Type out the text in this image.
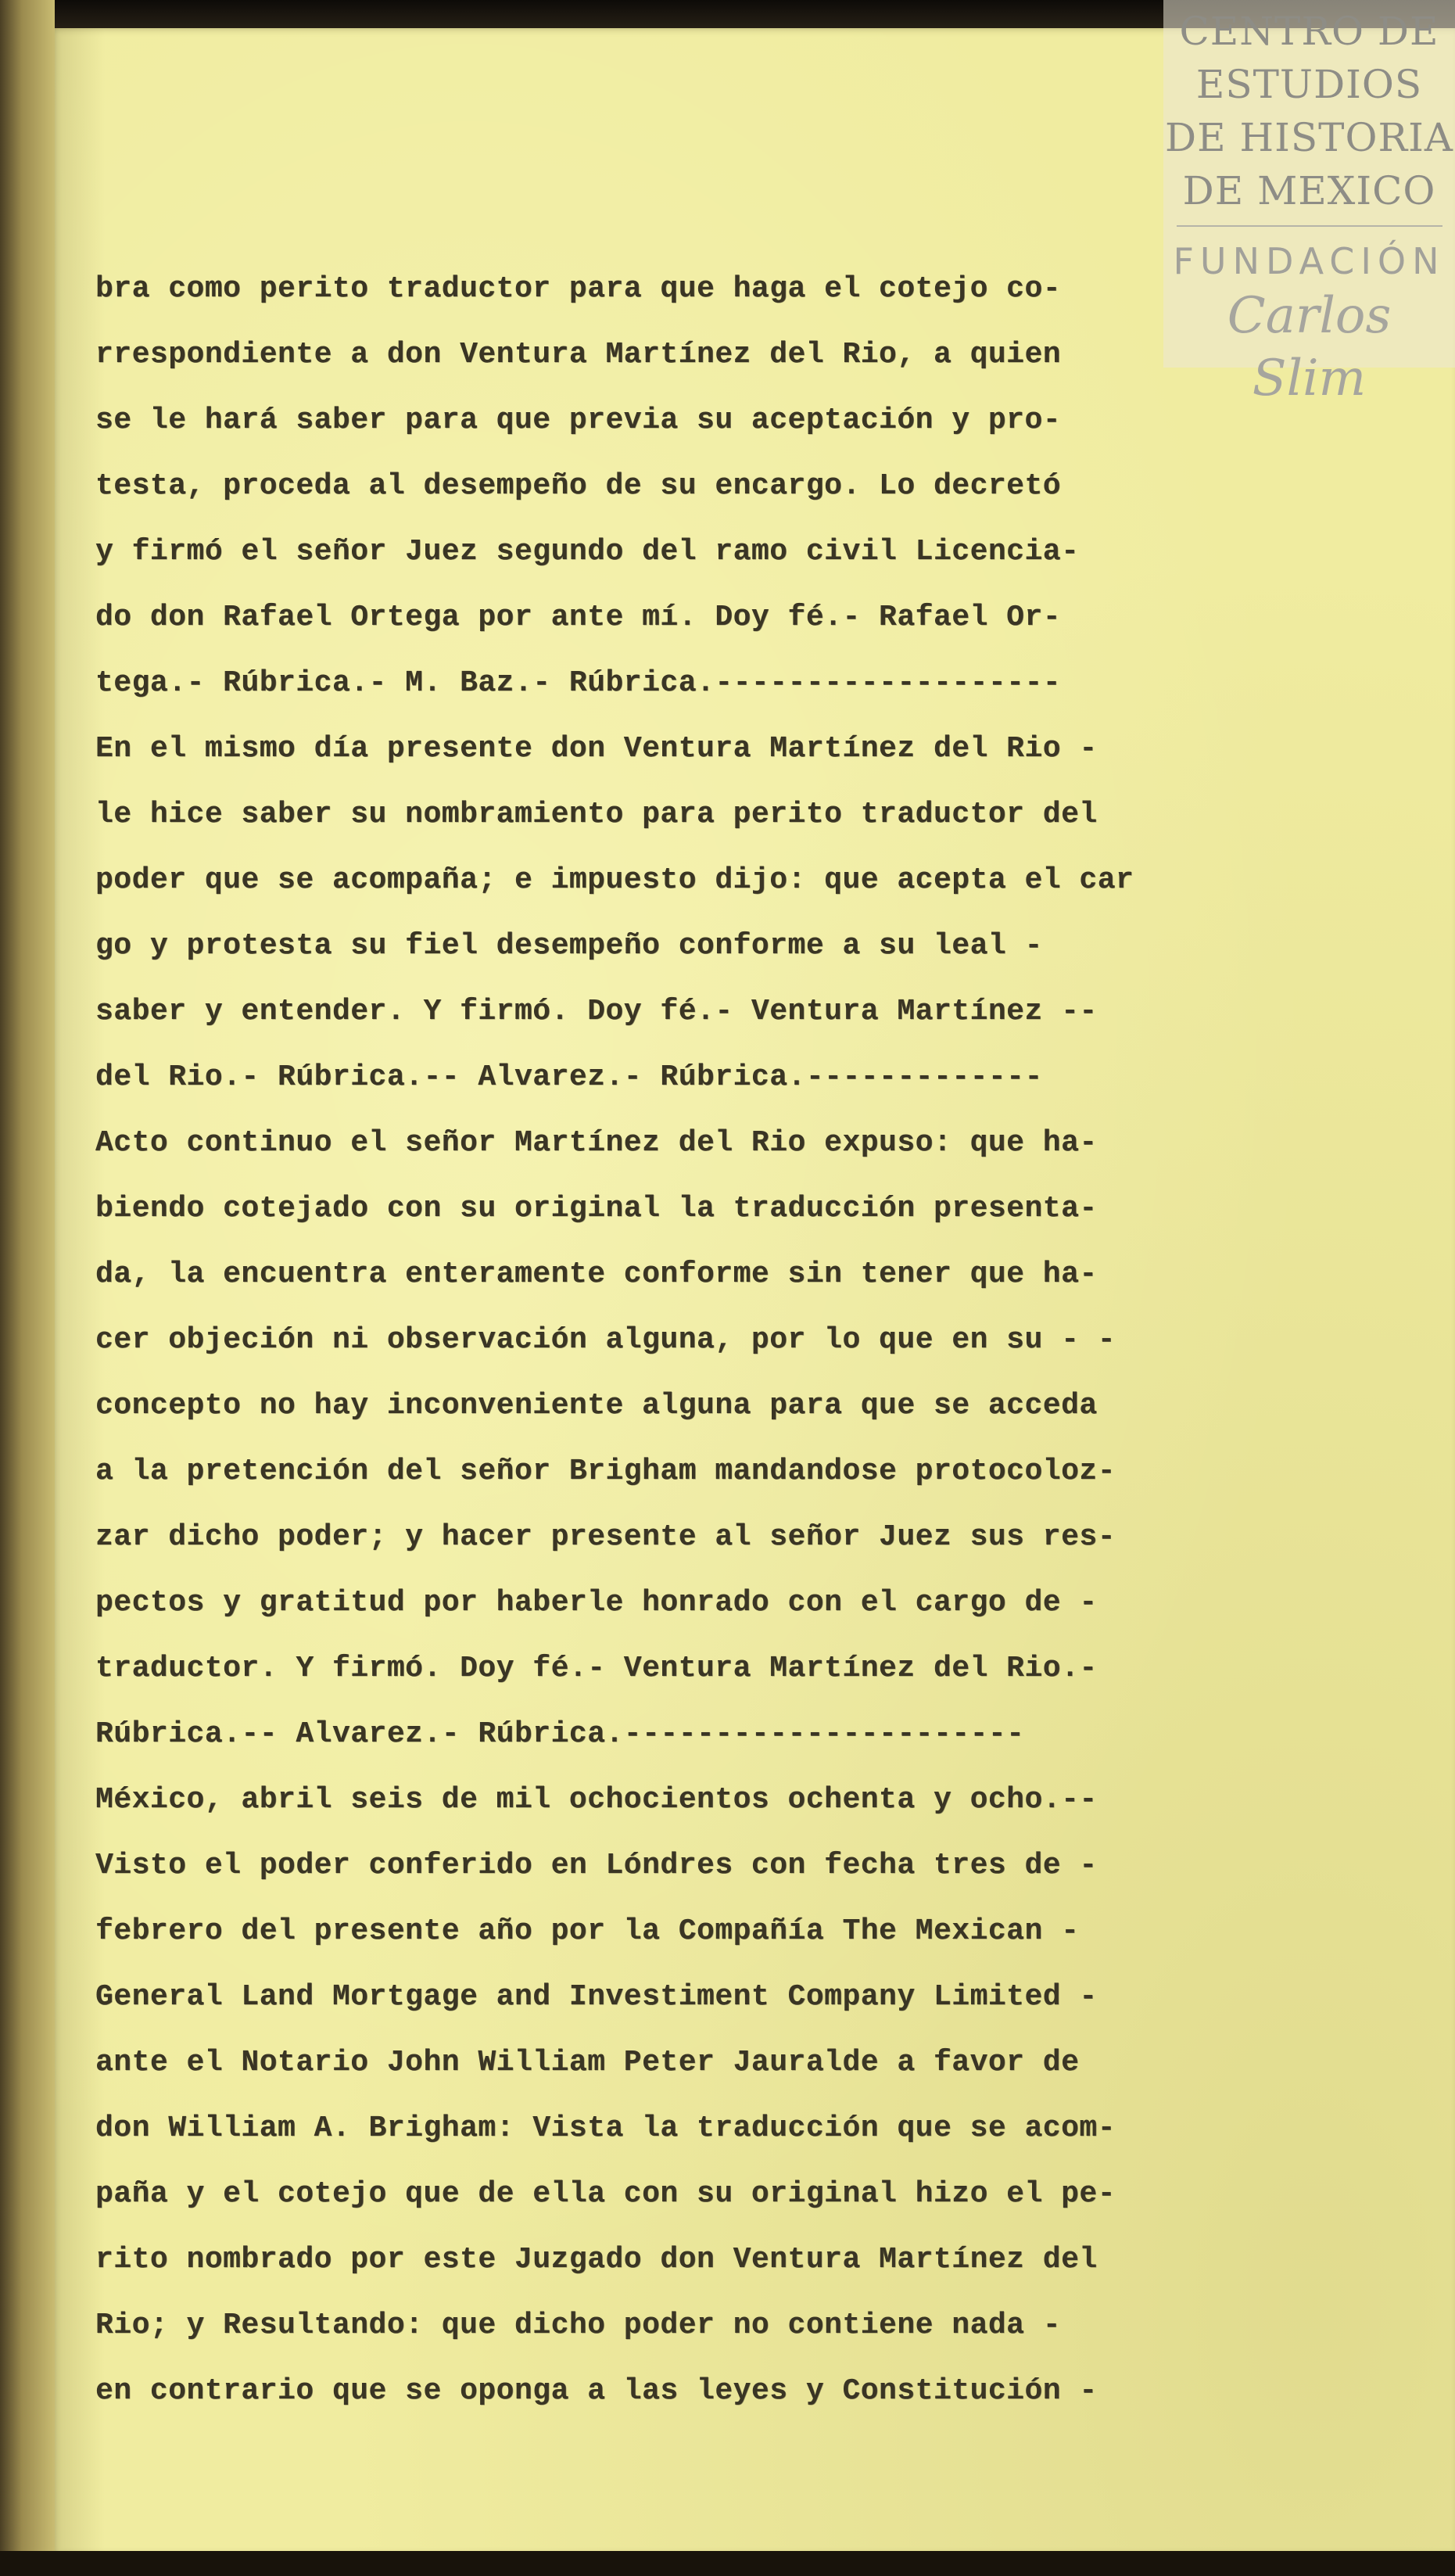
bra como perito traductor para que haga el cotejo co-
rrespondiente a don Ventura Martínez del Rio, a quien
se le hará saber para que previa su aceptación y pro-
testa, proceda al desempeño de su encargo. Lo decretó
y firmó el señor Juez segundo del ramo civil Licencia-
do don Rafael Ortega por ante mí. Doy fé.- Rafael Or-
tega.- Rúbrica.- M. Baz.- Rúbrica.-------------------
En el mismo día presente don Ventura Martínez del Rio -
le hice saber su nombramiento para perito traductor del
poder que se acompaña; e impuesto dijo: que acepta el car
go y protesta su fiel desempeño conforme a su leal -
saber y entender. Y firmó. Doy fé.- Ventura Martínez --
del Rio.- Rúbrica.-- Alvarez.- Rúbrica.-------------
Acto continuo el señor Martínez del Rio expuso: que ha-
biendo cotejado con su original la traducción presenta-
da, la encuentra enteramente conforme sin tener que ha-
cer objeción ni observación alguna, por lo que en su - -
concepto no hay inconveniente alguna para que se acceda
a la pretención del señor Brigham mandandose protocoloz-
zar dicho poder; y hacer presente al señor Juez sus res-
pectos y gratitud por haberle honrado con el cargo de -
traductor. Y firmó. Doy fé.- Ventura Martínez del Rio.-
Rúbrica.-- Alvarez.- Rúbrica.----------------------
México, abril seis de mil ochocientos ochenta y ocho.--
Visto el poder conferido en Lóndres con fecha tres de -
febrero del presente año por la Compañía The Mexican -
General Land Mortgage and Investiment Company Limited -
ante el Notario John William Peter Jauralde a favor de
don William A. Brigham: Vista la traducción que se acom-
paña y el cotejo que de ella con su original hizo el pe-
rito nombrado por este Juzgado don Ventura Martínez del
Rio; y Resultando: que dicho poder no contiene nada -
en contrario que se oponga a las leyes y Constitución -
CENTRO DE
ESTUDIOS
DE HISTORIA
DE MEXICO
FUNDACIÓN
Carlos Slim
